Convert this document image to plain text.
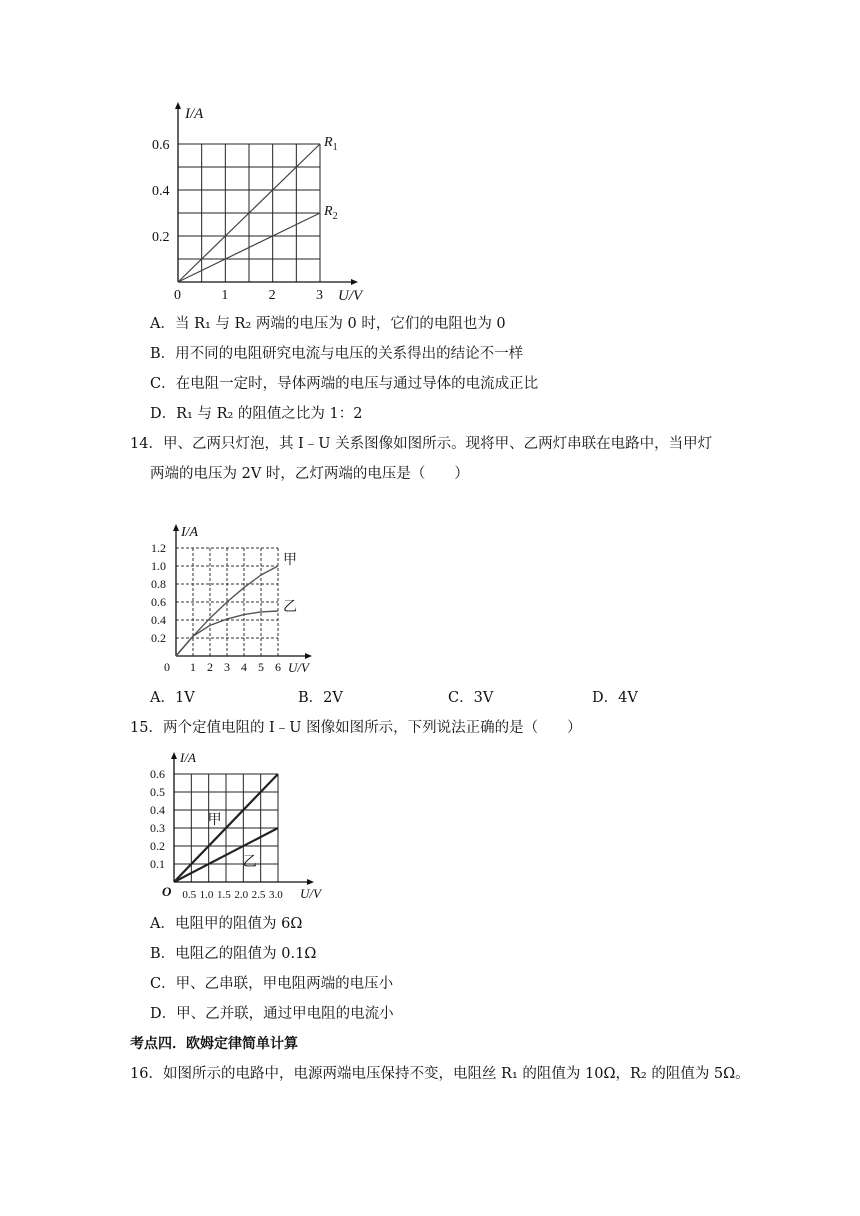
$R_1$
$R_2$
I/A
U/V
0	1	2	3
0.2
0.4
0.6
A．当 R₁ 与 R₂ 两端的电压为 0 时，它们的电阻也为 0
B．用不同的电阻研究电流与电压的关系得出的结论不一样
C．在电阻一定时，导体两端的电压与通过导体的电流成正比
D．R₁ 与 R₂ 的阻值之比为 1：2
14．甲、乙两只灯泡，其 I﹣U 关系图像如图所示。现将甲、乙两灯串联在电路中，当甲灯
两端的电压为 2V 时，乙灯两端的电压是（　　）
甲
乙
I/A
U/V
0 1 2 3 4 5 6
0.2
0.4
0.6
0.8
1.0
1.2
A．1V	B．2V	C．3V	D．4V
15．两个定值电阻的 I﹣U 图像如图所示，下列说法正确的是（　　）
甲
乙
I/A
U/V
O 0.5 1.0 1.5 2.0 2.5 3.0
0.1
0.2
0.3
0.4
0.5
0.6
A．电阻甲的阻值为 6Ω
B．电阻乙的阻值为 0.1Ω
C．甲、乙串联，甲电阻两端的电压小
D．甲、乙并联，通过甲电阻的电流小
考点四．欧姆定律简单计算
16．如图所示的电路中，电源两端电压保持不变，电阻丝 R₁ 的阻值为 10Ω，R₂ 的阻值为 5Ω。
